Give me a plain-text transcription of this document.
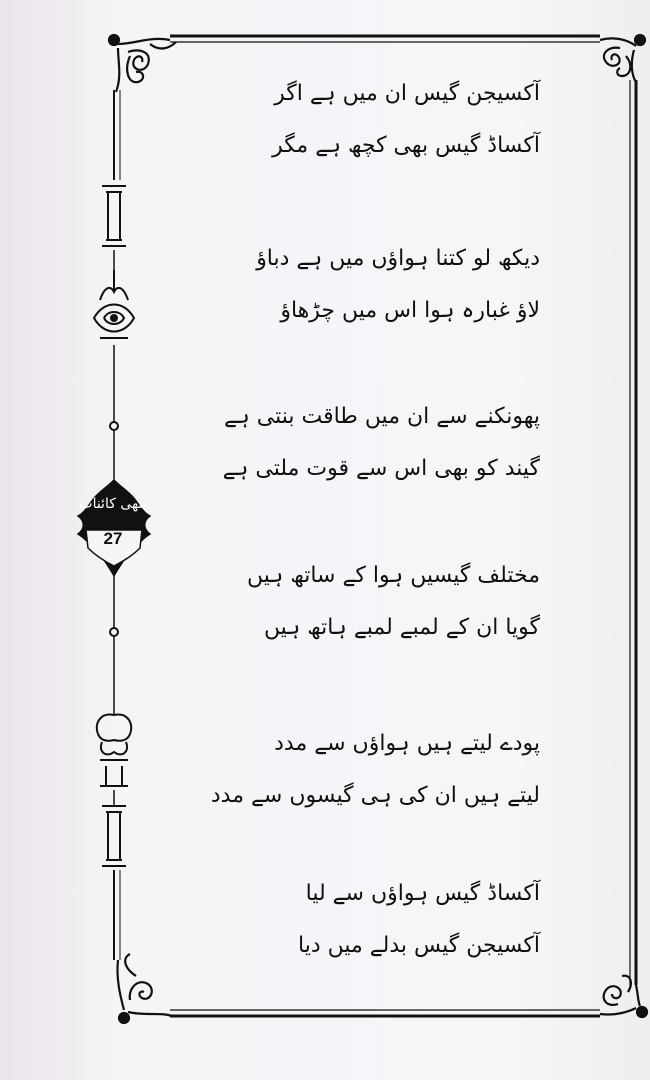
ننھی کائنات
27
آکسیجن گیس ان میں ہے اگر
آکساڈ گیس بھی کچھ ہے مگر
دیکھ لو کتنا ہواؤں میں ہے دباؤ
لاؤ غبارہ ہوا اس میں چڑھاؤ
پھونکنے سے ان میں طاقت بنتی ہے
گیند کو بھی اس سے قوت ملتی ہے
مختلف گیسیں ہوا کے ساتھ ہیں
گویا ان کے لمبے لمبے ہاتھ ہیں
پودے لیتے ہیں ہواؤں سے مدد
لیتے ہیں ان کی ہی گیسوں سے مدد
آکساڈ گیس ہواؤں سے لیا
آکسیجن گیس بدلے میں دیا
